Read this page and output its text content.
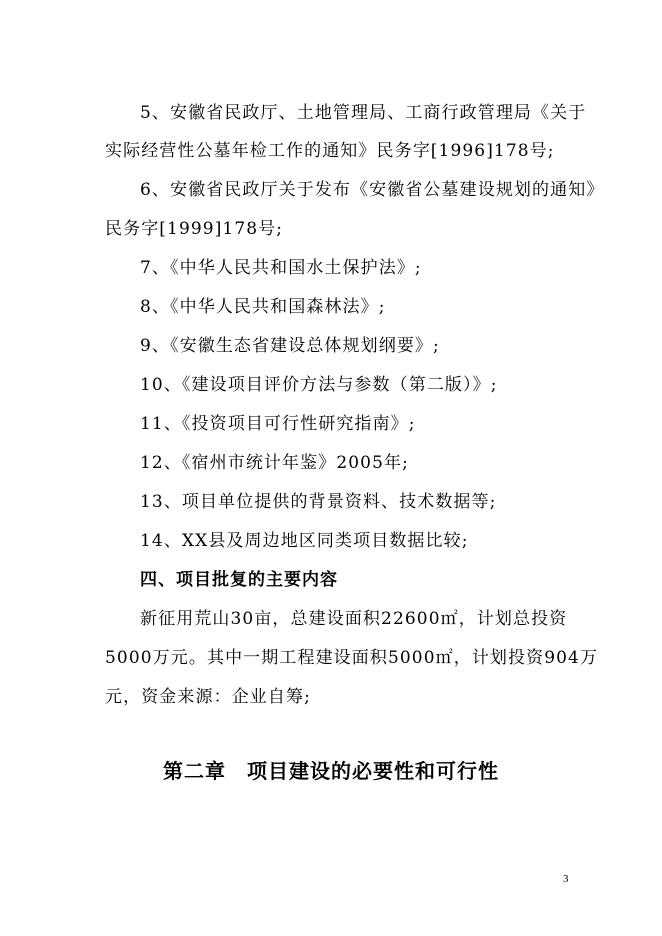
5、安徽省民政厅、土地管理局、工商行政管理局《关于
实际经营性公墓年检工作的通知》民务字[1996]178号;
6、安徽省民政厅关于发布《安徽省公墓建设规划的通知》
民务字[1999]178号;
7、《中华人民共和国水土保护法》;
8、《中华人民共和国森林法》;
9、《安徽生态省建设总体规划纲要》;
10、《建设项目评价方法与参数（第二版）》;
11、《投资项目可行性研究指南》;
12、《宿州市统计年鉴》2005年;
13、项目单位提供的背景资料、技术数据等;
14、XX县及周边地区同类项目数据比较;
四、项目批复的主要内容
新征用荒山30亩，总建设面积22600㎡，计划总投资
5000万元。其中一期工程建设面积5000㎡，计划投资904万
元，资金来源：企业自筹;
第二章　项目建设的必要性和可行性
3
